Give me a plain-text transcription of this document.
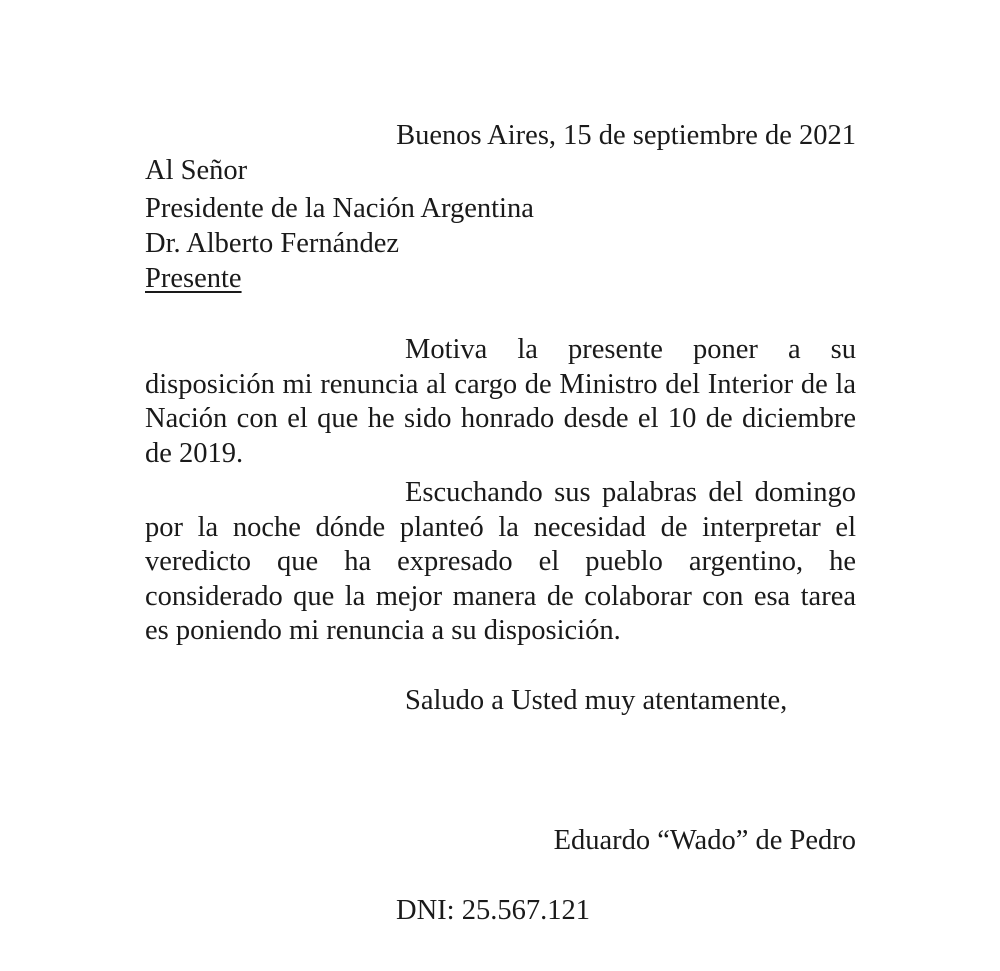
Buenos Aires, 15 de septiembre de 2021
Al Señor
Presidente de la Nación Argentina
Dr. Alberto Fernández
Presente

Motiva la presente poner a su disposición mi renuncia al cargo de Ministro del Interior de la Nación con el que he sido honrado desde el 10 de diciembre de 2019.

Escuchando sus palabras del domingo por la noche dónde planteó la necesidad de interpretar el veredicto que ha expresado el pueblo argentino, he considerado que la mejor manera de colaborar con esa tarea es poniendo mi renuncia a su disposición.

Saludo a Usted muy atentamente,
Eduardo “Wado” de Pedro
DNI: 25.567.121
